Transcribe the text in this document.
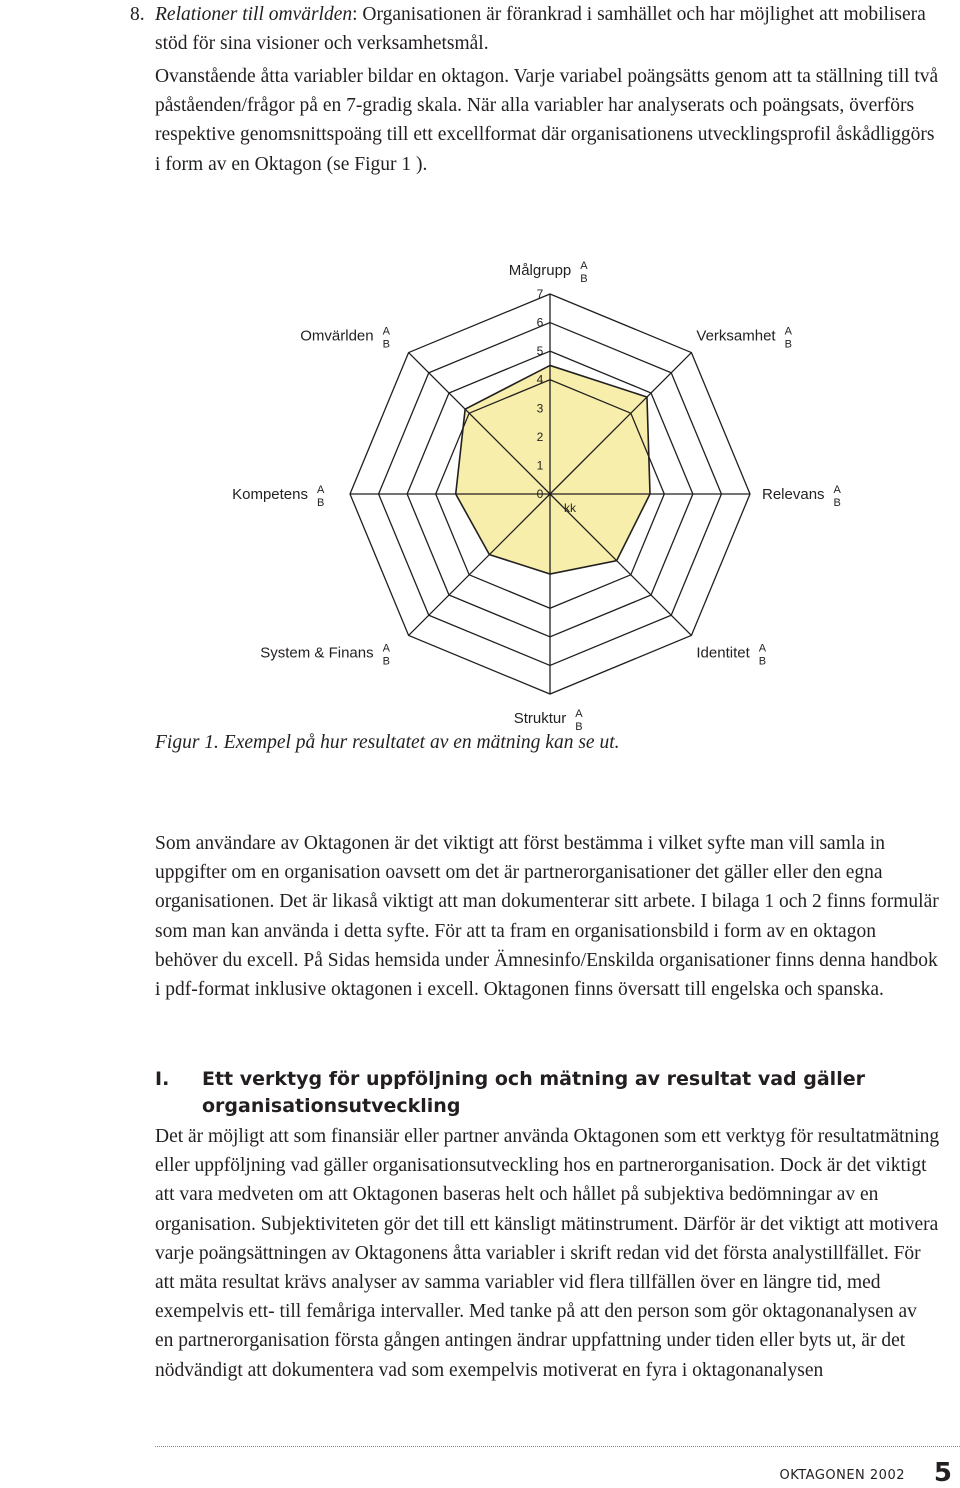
8. Relationer till omvärlden: Organisationen är förankrad i samhället och har möjlighet att mobilisera stöd för sina visioner och verksamhetsmål.
Ovanstående åtta variabler bildar en oktagon. Varje variabel poängsätts genom att ta ställning till två påståenden/frågor på en 7-gradig skala. När alla variabler har analyserats och poängsats, överförs respektive genomsnittspoäng till ett excellformat där organisationens utvecklingsprofil åskådliggörs i form av en Oktagon (se Figur 1 ).
0
1
2
3
4
5
6
7
kk
Målgrupp A
B
Verksamhet A
B
Relevans A
B
Identitet A
B
Struktur A
B
System & Finans A
B
Kompetens A
B
Omvärlden A
B
Figur 1. Exempel på hur resultatet av en mätning kan se ut.
Som användare av Oktagonen är det viktigt att först bestämma i vilket syfte man vill samla in uppgifter om en organisation oavsett om det är partnerorganisationer det gäller eller den egna organisationen. Det är likaså viktigt att man dokumenterar sitt arbete. I bilaga 1 och 2 finns formulär som man kan använda i detta syfte. För att ta fram en organisationsbild i form av en oktagon behöver du excell. På Sidas hemsida under Ämnesinfo/Enskilda organisationer finns denna handbok i pdf-format inklusive oktagonen i excell. Oktagonen finns översatt till engelska och spanska.
I. Ett verktyg för uppföljning och mätning av resultat vad gäller organisationsutveckling
Det är möjligt att som finansiär eller partner använda Oktagonen som ett verktyg för resultatmätning eller uppföljning vad gäller organisationsutveckling hos en partnerorganisation. Dock är det viktigt att vara medveten om att Oktagonen baseras helt och hållet på subjektiva bedömningar av en organisation. Subjektiviteten gör det till ett känsligt mätinstrument. Därför är det viktigt att motivera varje poängsättningen av Oktagonens åtta variabler i skrift redan vid det första analystillfället. För att mäta resultat krävs analyser av samma variabler vid flera tillfällen över en längre tid, med exempelvis ett- till femåriga intervaller. Med tanke på att den person som gör oktagonanalysen av en partnerorganisation första gången antingen ändrar uppfattning under tiden eller byts ut, är det nödvändigt att dokumentera vad som exempelvis motiverat en fyra i oktagonanalysen
OKTAGONEN 2002 5
